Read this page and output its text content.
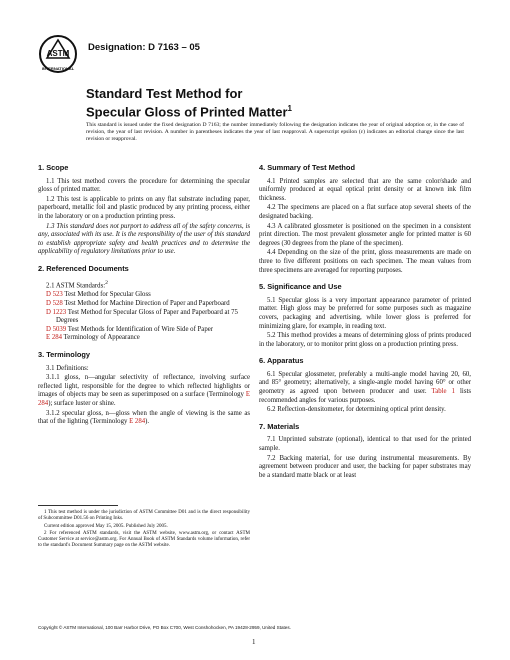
ASTM
INTERNATIONAL
Designation: D 7163 – 05
Standard Test Method for
Specular Gloss of Printed Matter$^1$
This standard is issued under the fixed designation D 7163; the number immediately following the designation indicates the year of original adoption or, in the case of revision, the year of last revision. A number in parentheses indicates the year of last reapproval. A superscript epsilon (ε) indicates an editorial change since the last revision or reapproval.
1. Scope

1.1 This test method covers the procedure for determining the specular gloss of printed matter.

1.2 This test is applicable to prints on any flat substrate including paper, paperboard, metallic foil and plastic produced by any printing process, either in the laboratory or on a production printing press.

1.3 This standard does not purport to address all of the safety concerns, is any, associated with its use. It is the responsibility of the user of this standard to establish appropriate safety and health practices and to determine the applicability of regulatory limitations prior to use.

2. Referenced Documents

2.1 ASTM Standards:$^2$

D 523 Test Method for Specular Gloss

D 528 Test Method for Machine Direction of Paper and Paperboard

D 1223 Test Method for Specular Gloss of Paper and Paperboard at 75 Degrees

D 5039 Test Methods for Identification of Wire Side of Paper

E 284 Terminology of Appearance

3. Terminology

3.1 Definitions:

3.1.1 gloss, n—angular selectivity of reflectance, involving surface reflected light, responsible for the degree to which reflected highlights or images of objects may be seen as superimposed on a surface (Terminology E 284); surface luster or shine.

3.1.2 specular gloss, n—gloss when the angle of viewing is the same as that of the lighting (Terminology E 284).

4. Summary of Test Method

4.1 Printed samples are selected that are the same color/shade and uniformly produced at equal optical print density or at known ink film thickness.

4.2 The specimens are placed on a flat surface atop several sheets of the designated backing.

4.3 A calibrated glossmeter is positioned on the specimen in a consistent print direction. The most prevalent glossmeter angle for printed matter is 60 degrees (30 degrees from the plane of the specimen).

4.4 Depending on the size of the print, gloss measurements are made on three to five different positions on each specimen. The mean values from three specimens are averaged for reporting purposes.

5. Significance and Use

5.1 Specular gloss is a very important appearance parameter of printed matter. High gloss may be preferred for some purposes such as magazine covers, packaging and advertising, while lower gloss is preferred for minimizing glare, for example, in reading text.

5.2 This method provides a means of determining gloss of prints produced in the laboratory, or to monitor print gloss on a production printing press.

6. Apparatus

6.1 Specular glossmeter, preferably a multi-angle model having 20, 60, and 85° geometry; alternatively, a single-angle model having 60° or other geometry as agreed upon between producer and user. Table 1 lists recommended angles for various purposes.

6.2 Reflection-densitometer, for determining optical print density.

7. Materials

7.1 Unprinted substrate (optional), identical to that used for the printed sample.

7.2 Backing material, for use during instrumental measurements. By agreement between producer and user, the backing for paper substrates may be a standard matte black or at least

1 This test method is under the jurisdiction of ASTM Committee D01 and is the direct responsibility of Subcommittee D01.56 on Printing Inks.

Current edition approved May 15, 2005. Published July 2005.

2 For referenced ASTM standards, visit the ASTM website, www.astm.org, or contact ASTM Customer Service at service@astm.org. For Annual Book of ASTM Standards volume information, refer to the standard's Document Summary page on the ASTM website.

Copyright © ASTM International, 100 Barr Harbor Drive, PO Box C700, West Conshohocken, PA 19428-2959, United States.
1
